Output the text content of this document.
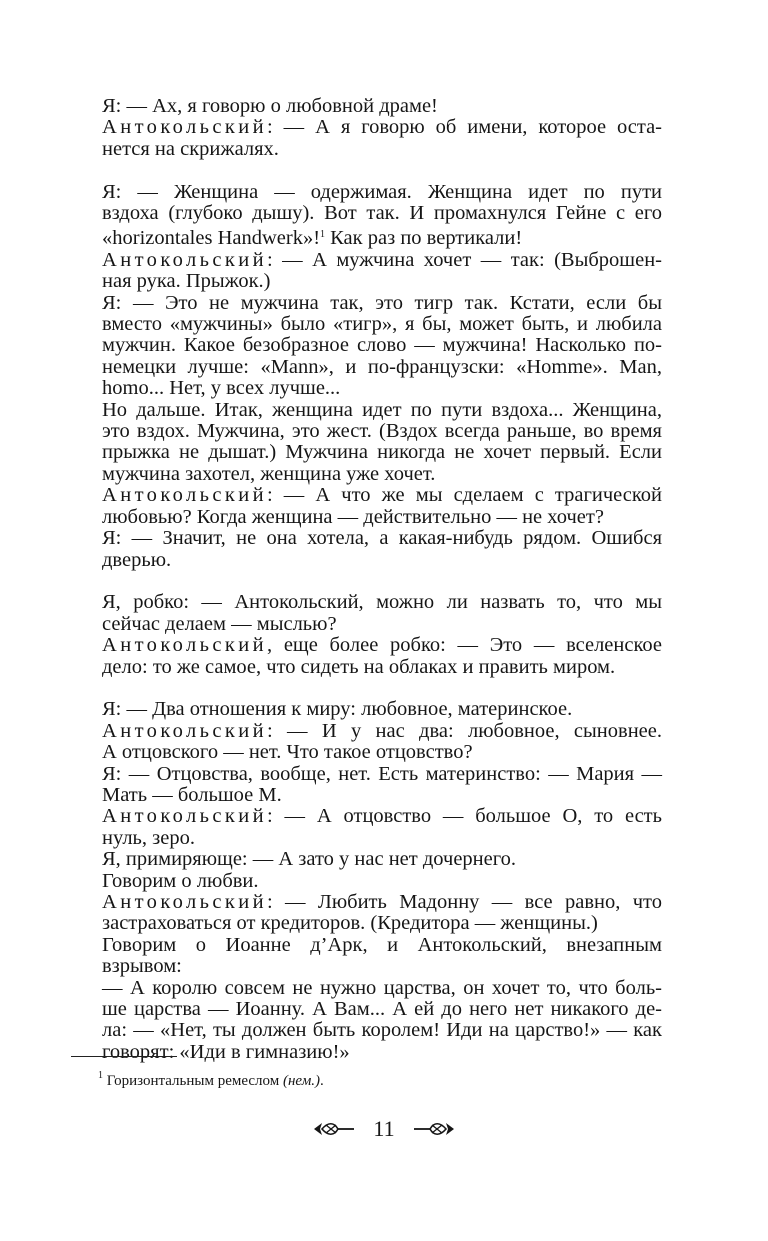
Я: — Ах, я говорю о любовной драме!
Антокольский: — А я говорю об имени, которое оста-
нется на скрижалях.
Я: — Женщина — одержимая. Женщина идет по пути
вздоха (глубоко дышу). Вот так. И промахнулся Гейне с его
«horizontales Handwerk»!$^1$ Как раз по вертикали!
Антокольский: — А мужчина хочет — так: (Выброшен-
ная рука. Прыжок.)
Я: — Это не мужчина так, это тигр так. Кстати, если бы
вместо «мужчины» было «тигр», я бы, может быть, и любила
мужчин. Какое безобразное слово — мужчина! Насколько по-
немецки лучше: «Mann», и по-французски: «Homme». Man,
homo... Нет, у всех лучше...
Но дальше. Итак, женщина идет по пути вздоха... Женщина,
это вздох. Мужчина, это жест. (Вздох всегда раньше, во время
прыжка не дышат.) Мужчина никогда не хочет первый. Если
мужчина захотел, женщина уже хочет.
Антокольский: — А что же мы сделаем с трагической
любовью? Когда женщина — действительно — не хочет?
Я: — Значит, не она хотела, а какая-нибудь рядом. Ошибся
дверью.
Я, робко: — Антокольский, можно ли назвать то, что мы
сейчас делаем — мыслью?
Антокольский, еще более робко: — Это — вселенское
дело: то же самое, что сидеть на облаках и править миром.
Я: — Два отношения к миру: любовное, материнское.
Антокольский: — И у нас два: любовное, сыновнее.
А отцовского — нет. Что такое отцовство?
Я: — Отцовства, вообще, нет. Есть материнство: — Мария —
Мать — большое М.
Антокольский: — А отцовство — большое О, то есть
нуль, зеро.
Я, примиряюще: — А зато у нас нет дочернего.
Говорим о любви.
Антокольский: — Любить Мадонну — все равно, что
застраховаться от кредиторов. (Кредитора — женщины.)
Говорим о Иоанне д’Арк, и Антокольский, внезапным
взрывом:
— А королю совсем не нужно царства, он хочет то, что боль-
ше царства — Иоанну. А Вам... А ей до него нет никакого де-
ла: — «Нет, ты должен быть королем! Иди на царство!» — как
говорят: «Иди в гимназию!»
$^1$ Горизонтальным ремеслом (нем.).
11
